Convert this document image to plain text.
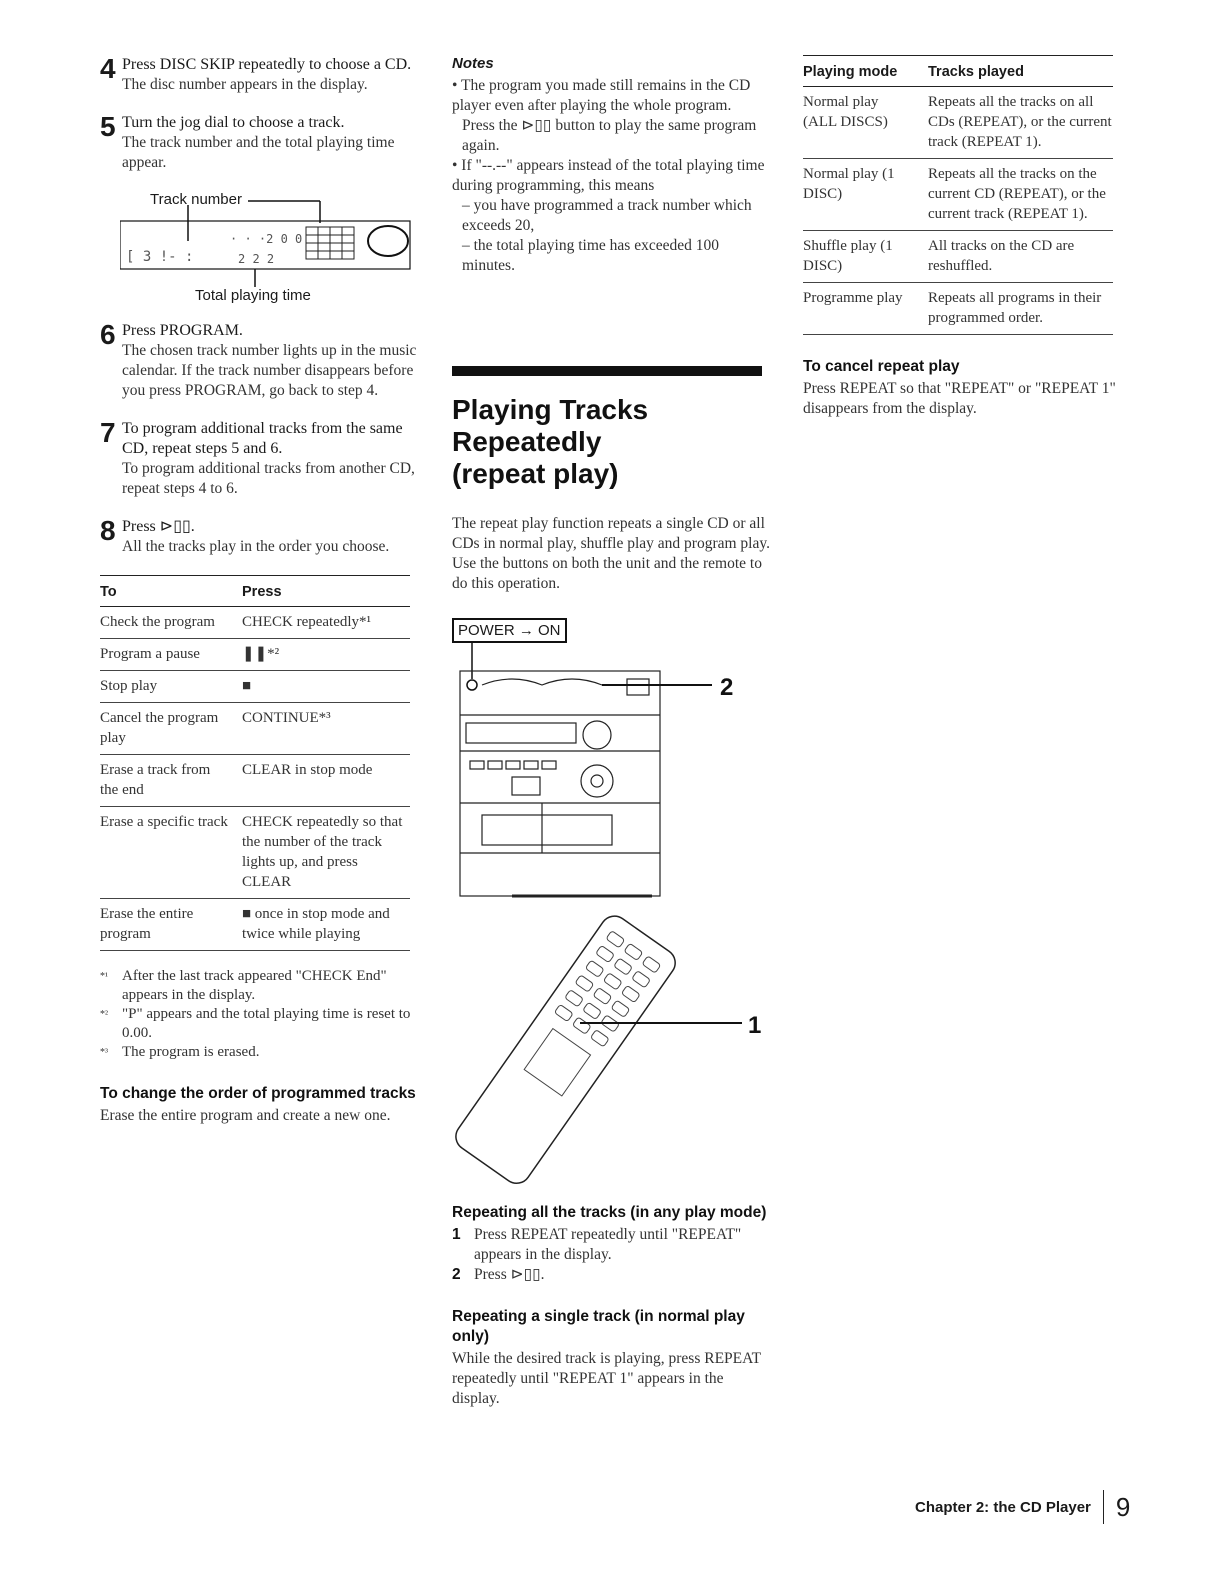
4 Press DISC SKIP repeatedly to choose a CD.

The disc number appears in the display.

5 Turn the jog dial to choose a track.

The track number and the total playing time appear.

Track number
[ 3 !- :
· · ·2 0 0
2 2 2
Total playing time
6 Press PROGRAM.

The chosen track number lights up in the music calendar. If the track number disappears before you press PROGRAM, go back to step 4.

7 To program additional tracks from the same CD, repeat steps 5 and 6.

To program additional tracks from another CD, repeat steps 4 to 6.

8 Press ⊳▯▯.

All the tracks play in the order you choose.

To	Press
Check the program	CHECK repeatedly*¹
Program a pause	❚❚*²
Stop play	■
Cancel the program play	CONTINUE*³
Erase a track from the end	CLEAR in stop mode
Erase a specific track	CHECK repeatedly so that the number of the track lights up, and press CLEAR
Erase the entire program	■ once in stop mode and twice while playing
*¹ After the last track appeared "CHECK End" appears in the display.
*² "P" appears and the total playing time is reset to 0.00.
*³ The program is erased.
To change the order of programmed tracks

Erase the entire program and create a new one.

Notes

• The program you made still remains in the CD player even after playing the whole program.

Press the ⊳▯▯ button to play the same program again.

• If "--.--" appears instead of the total playing time during programming, this means

– you have programmed a track number which exceeds 20,

– the total playing time has exceeded 100 minutes.

Playing Tracks
Repeatedly
(repeat play)

The repeat play function repeats a single CD or all CDs in normal play, shuffle play and program play.

Use the buttons on both the unit and the remote to do this operation.

POWER → ON
2
1
Repeating all the tracks (in any play mode)
1 Press REPEAT repeatedly until "REPEAT" appears in the display.
2 Press ⊳▯▯.
Repeating a single track (in normal play only)

While the desired track is playing, press REPEAT repeatedly until "REPEAT 1" appears in the display.

Playing mode	Tracks played
Normal play (ALL DISCS)	Repeats all the tracks on all CDs (REPEAT), or the current track (REPEAT 1).
Normal play (1 DISC)	Repeats all the tracks on the current CD (REPEAT), or the current track (REPEAT 1).
Shuffle play (1 DISC)	All tracks on the CD are reshuffled.
Programme play	Repeats all programs in their programmed order.
To cancel repeat play

Press REPEAT so that "REPEAT" or "REPEAT 1" disappears from the display.

Chapter 2: the CD Player 9
